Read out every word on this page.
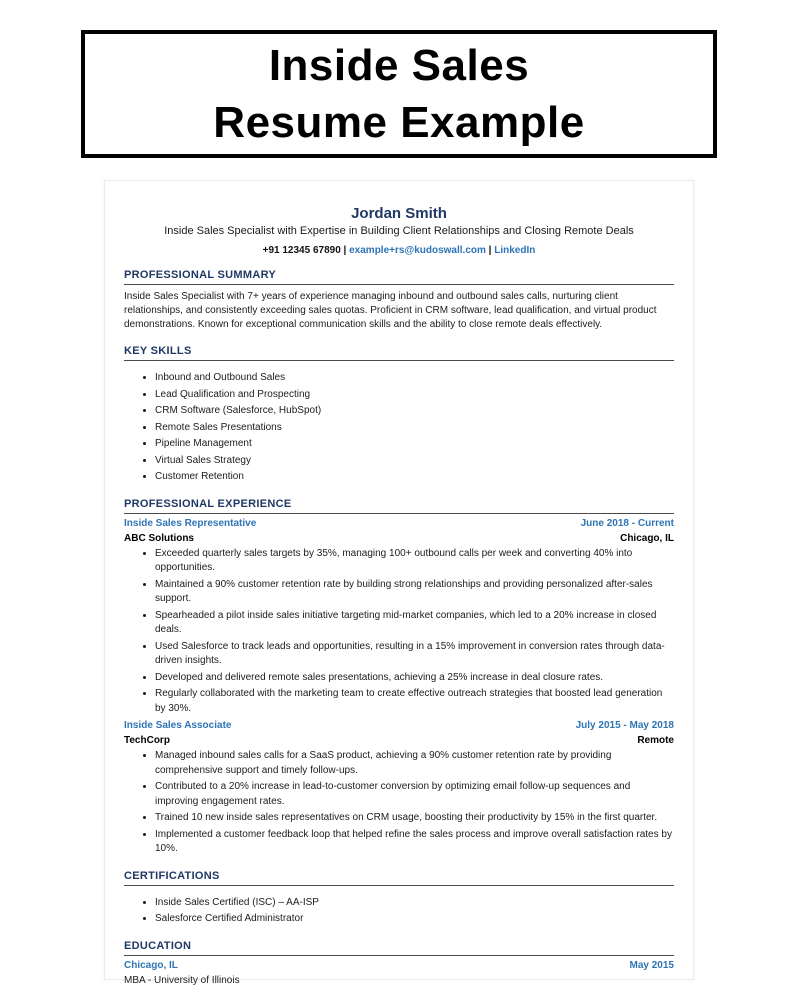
Inside Sales
Resume Example
Jordan Smith
Inside Sales Specialist with Expertise in Building Client Relationships and Closing Remote Deals
+91 12345 67890 | example+rs@kudoswall.com | LinkedIn
PROFESSIONAL SUMMARY

Inside Sales Specialist with 7+ years of experience managing inbound and outbound sales calls, nurturing client relationships, and consistently exceeding sales quotas. Proficient in CRM software, lead qualification, and virtual product demonstrations. Known for exceptional communication skills and the ability to close remote deals effectively.

KEY SKILLS
• Inbound and Outbound Sales
• Lead Qualification and Prospecting
• CRM Software (Salesforce, HubSpot)
• Remote Sales Presentations
• Pipeline Management
• Virtual Sales Strategy
• Customer Retention
PROFESSIONAL EXPERIENCE
Inside Sales Representative	June 2018 - Current
ABC Solutions	Chicago, IL
• Exceeded quarterly sales targets by 35%, managing 100+ outbound calls per week and converting 40% into opportunities.
• Maintained a 90% customer retention rate by building strong relationships and providing personalized after-sales support.
• Spearheaded a pilot inside sales initiative targeting mid-market companies, which led to a 20% increase in closed deals.
• Used Salesforce to track leads and opportunities, resulting in a 15% improvement in conversion rates through data-driven insights.
• Developed and delivered remote sales presentations, achieving a 25% increase in deal closure rates.
• Regularly collaborated with the marketing team to create effective outreach strategies that boosted lead generation by 30%.
Inside Sales Associate	July 2015 - May 2018
TechCorp	Remote
• Managed inbound sales calls for a SaaS product, achieving a 90% customer retention rate by providing comprehensive support and timely follow-ups.
• Contributed to a 20% increase in lead-to-customer conversion by optimizing email follow-up sequences and improving engagement rates.
• Trained 10 new inside sales representatives on CRM usage, boosting their productivity by 15% in the first quarter.
• Implemented a customer feedback loop that helped refine the sales process and improve overall satisfaction rates by 10%.
CERTIFICATIONS
• Inside Sales Certified (ISC) – AA-ISP
• Salesforce Certified Administrator
EDUCATION
Chicago, IL	May 2015
MBA - University of Illinois
